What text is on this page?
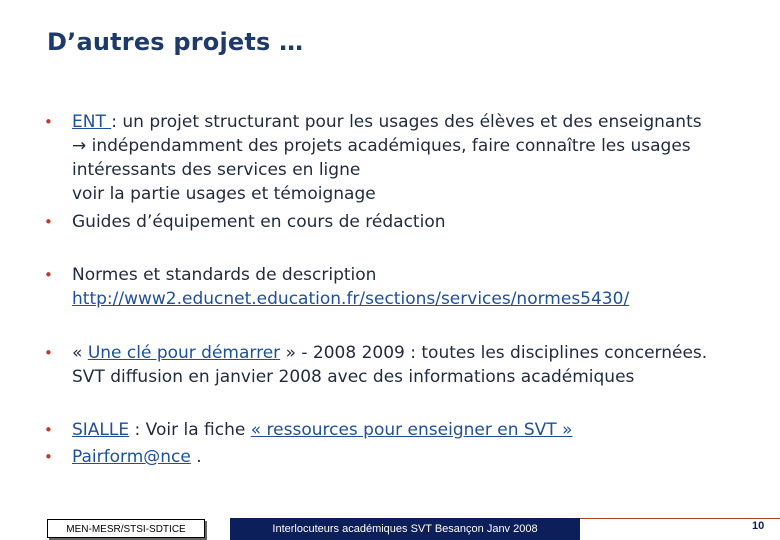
D’autres projets …
• ENT : un projet structurant pour les usages des élèves et des enseignants
→ indépendamment des projets académiques, faire connaître les usages intéressants des services en ligne
voir la partie usages et témoignage
• Guides d’équipement en cours de rédaction
• Normes et standards de description
http://www2.educnet.education.fr/sections/services/normes5430/
• « Une clé pour démarrer » - 2008 2009 : toutes les disciplines concernées.
SVT diffusion en janvier 2008 avec des informations académiques
• SIALLE : Voir la fiche « ressources pour enseigner en SVT »
• Pairform@nce .
MEN-MESR/STSI-SDTICE	Interlocuteurs académiques SVT Besançon Janv 2008	10
